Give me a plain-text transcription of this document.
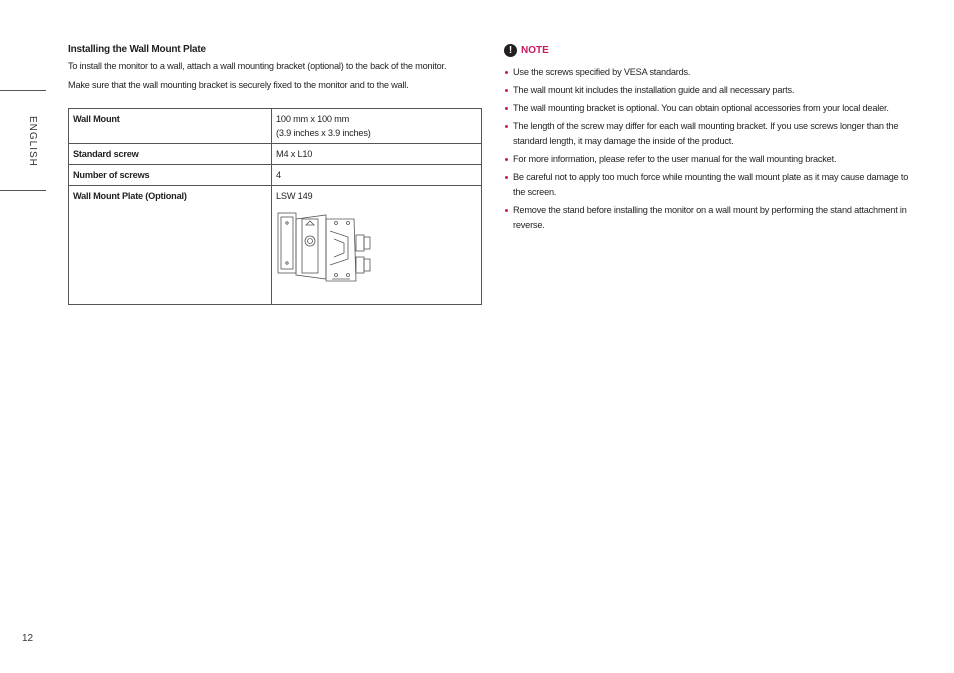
ENGLISH
12

Installing the Wall Mount Plate

To install the monitor to a wall, attach a wall mounting bracket (optional) to the back of the monitor.

Make sure that the wall mounting bracket is securely fixed to the monitor and to the wall.

Wall Mount	100 mm x 100 mm
(3.9 inches x 3.9 inches)

Standard screw	M4 x L10
Number of screws	4
Wall Mount Plate (Optional)	LSW 149
! NOTE
Use the screws specified by VESA standards.
The wall mount kit includes the installation guide and all necessary parts.
The wall mounting bracket is optional. You can obtain optional accessories from your local dealer.
The length of the screw may differ for each wall mounting bracket. If you use screws longer than the standard length, it may damage the inside of the product.
For more information, please refer to the user manual for the wall mounting bracket.
Be careful not to apply too much force while mounting the wall mount plate as it may cause damage to the screen.
Remove the stand before installing the monitor on a wall mount by performing the stand attachment in reverse.
